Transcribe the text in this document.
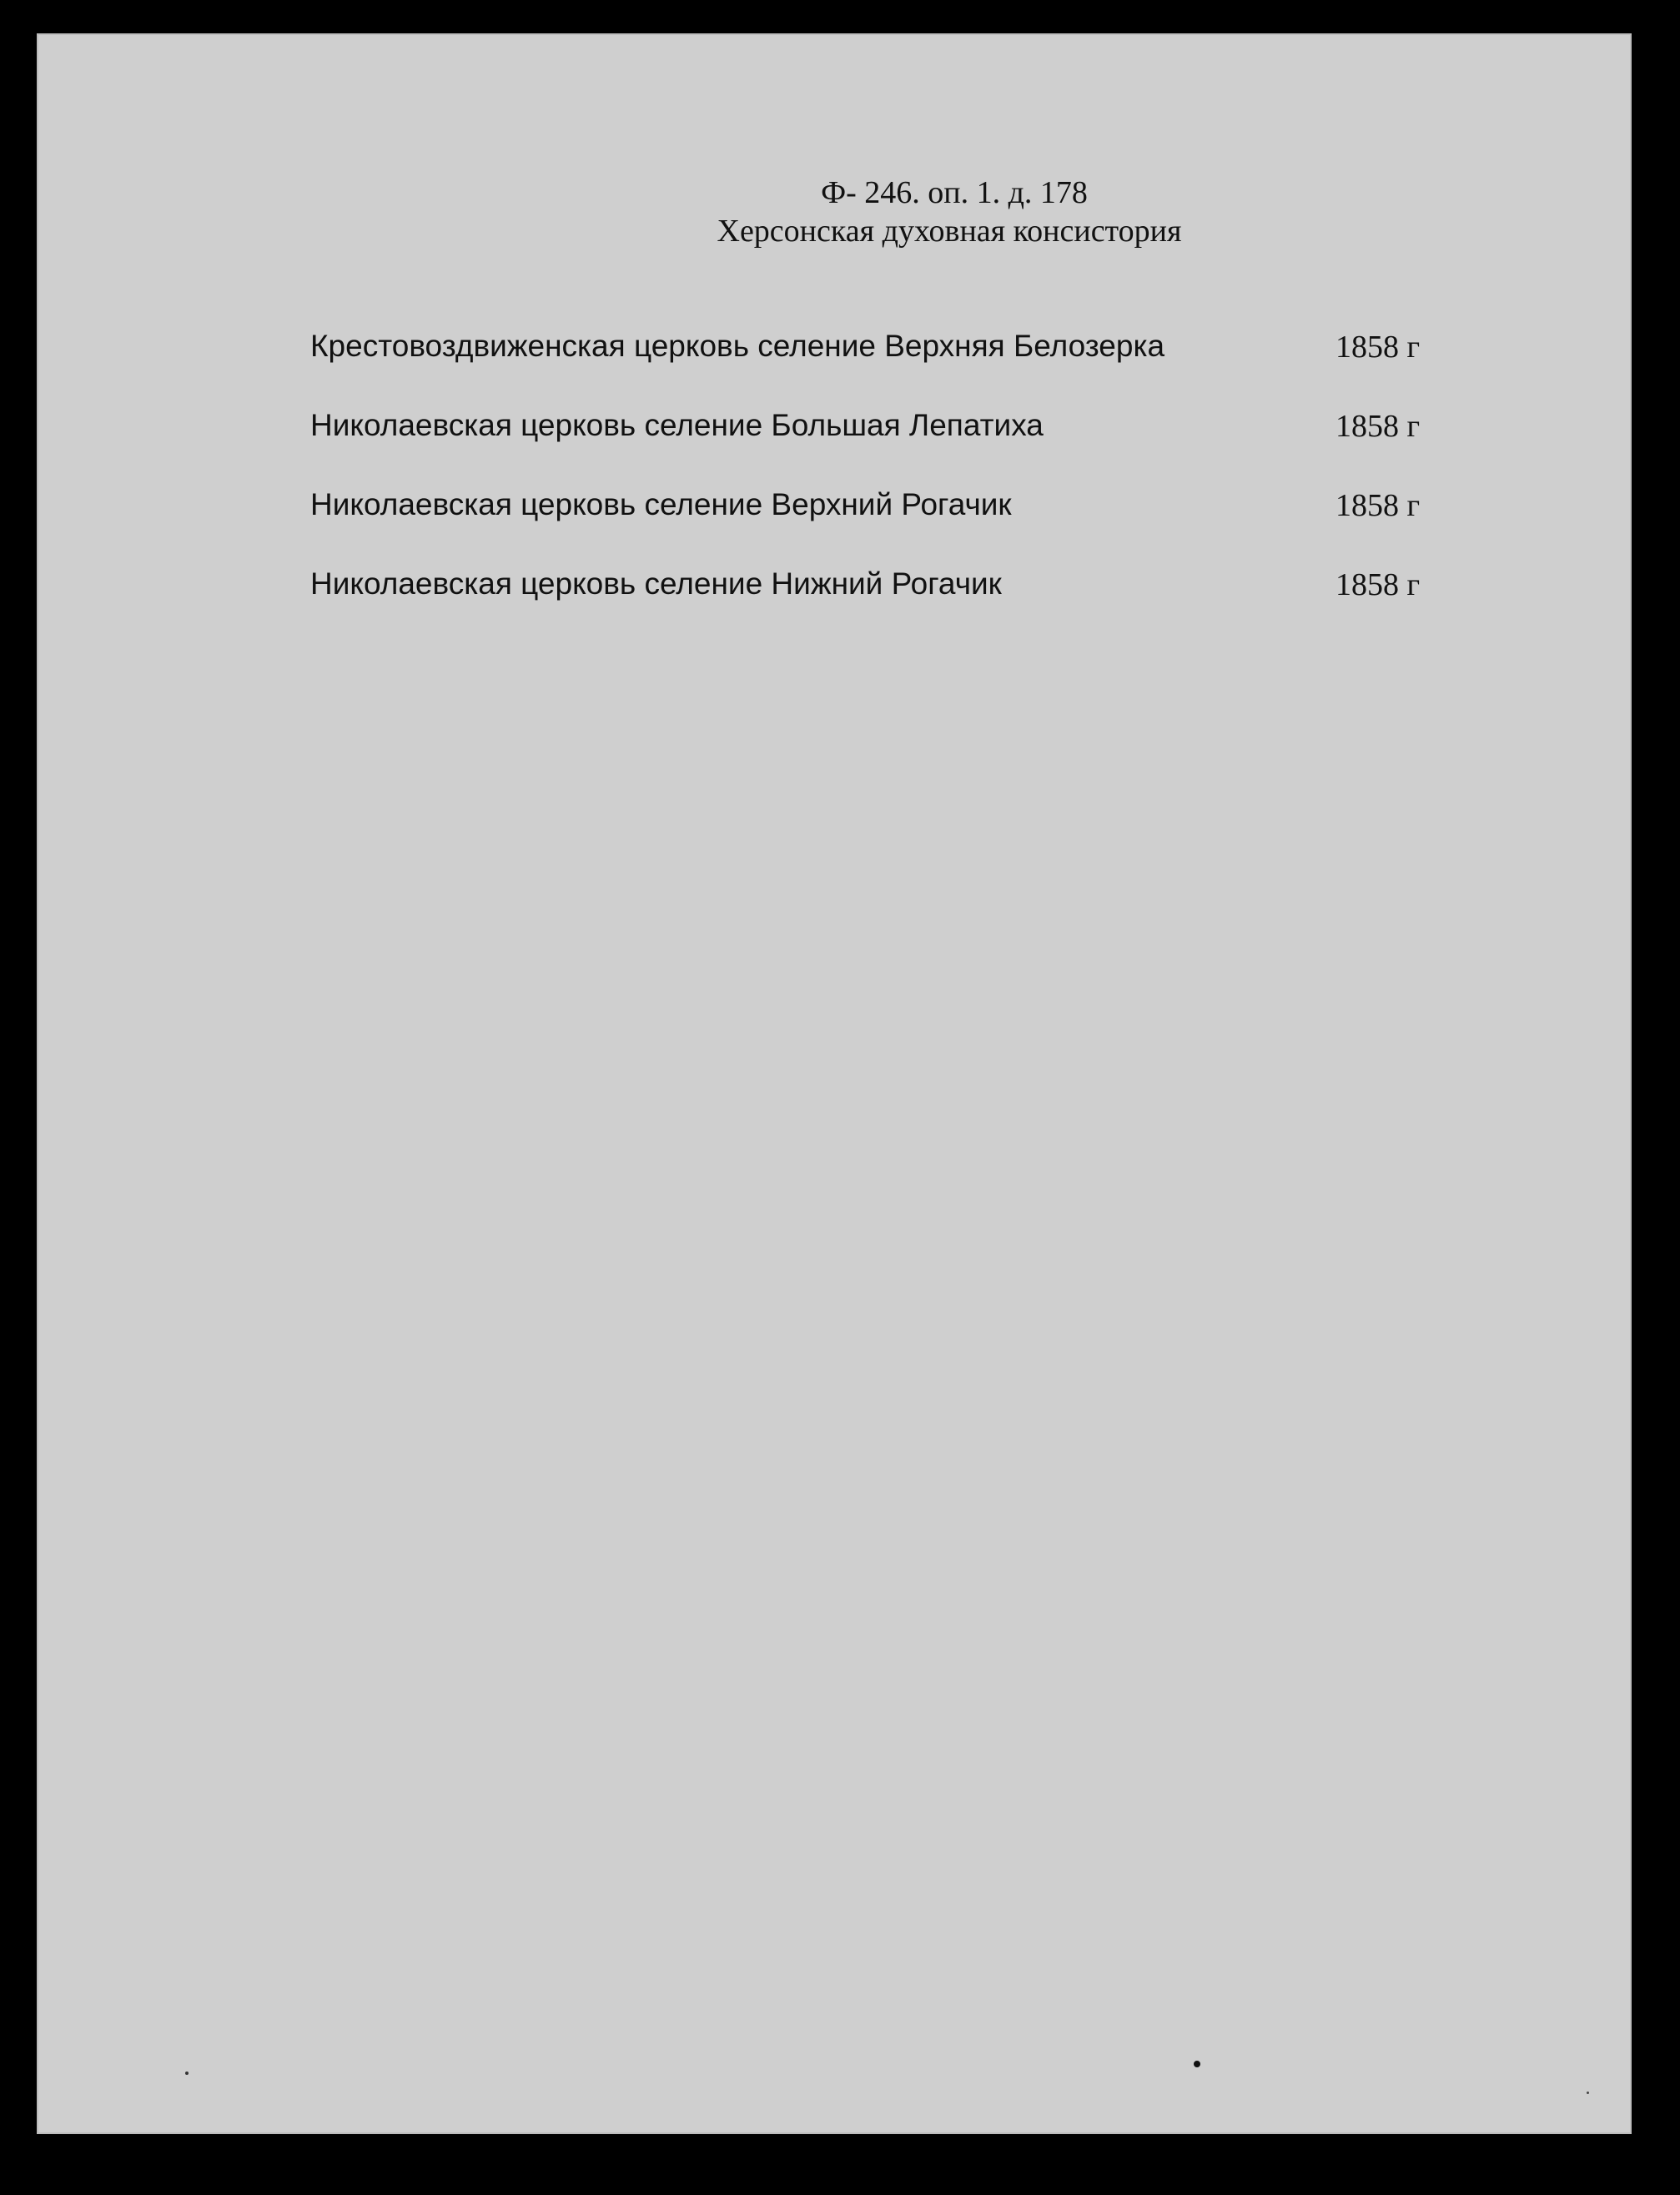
Ф- 246. оп. 1. д. 178
Херсонская духовная консистория
Крестовоздвиженская церковь селение Верхняя Белозерка	1858 г
Николаевская церковь селение Большая Лепатиха	1858 г
Николаевская церковь селение Верхний Рогачик	1858 г
Николаевская церковь селение Нижний Рогачик	1858 г
